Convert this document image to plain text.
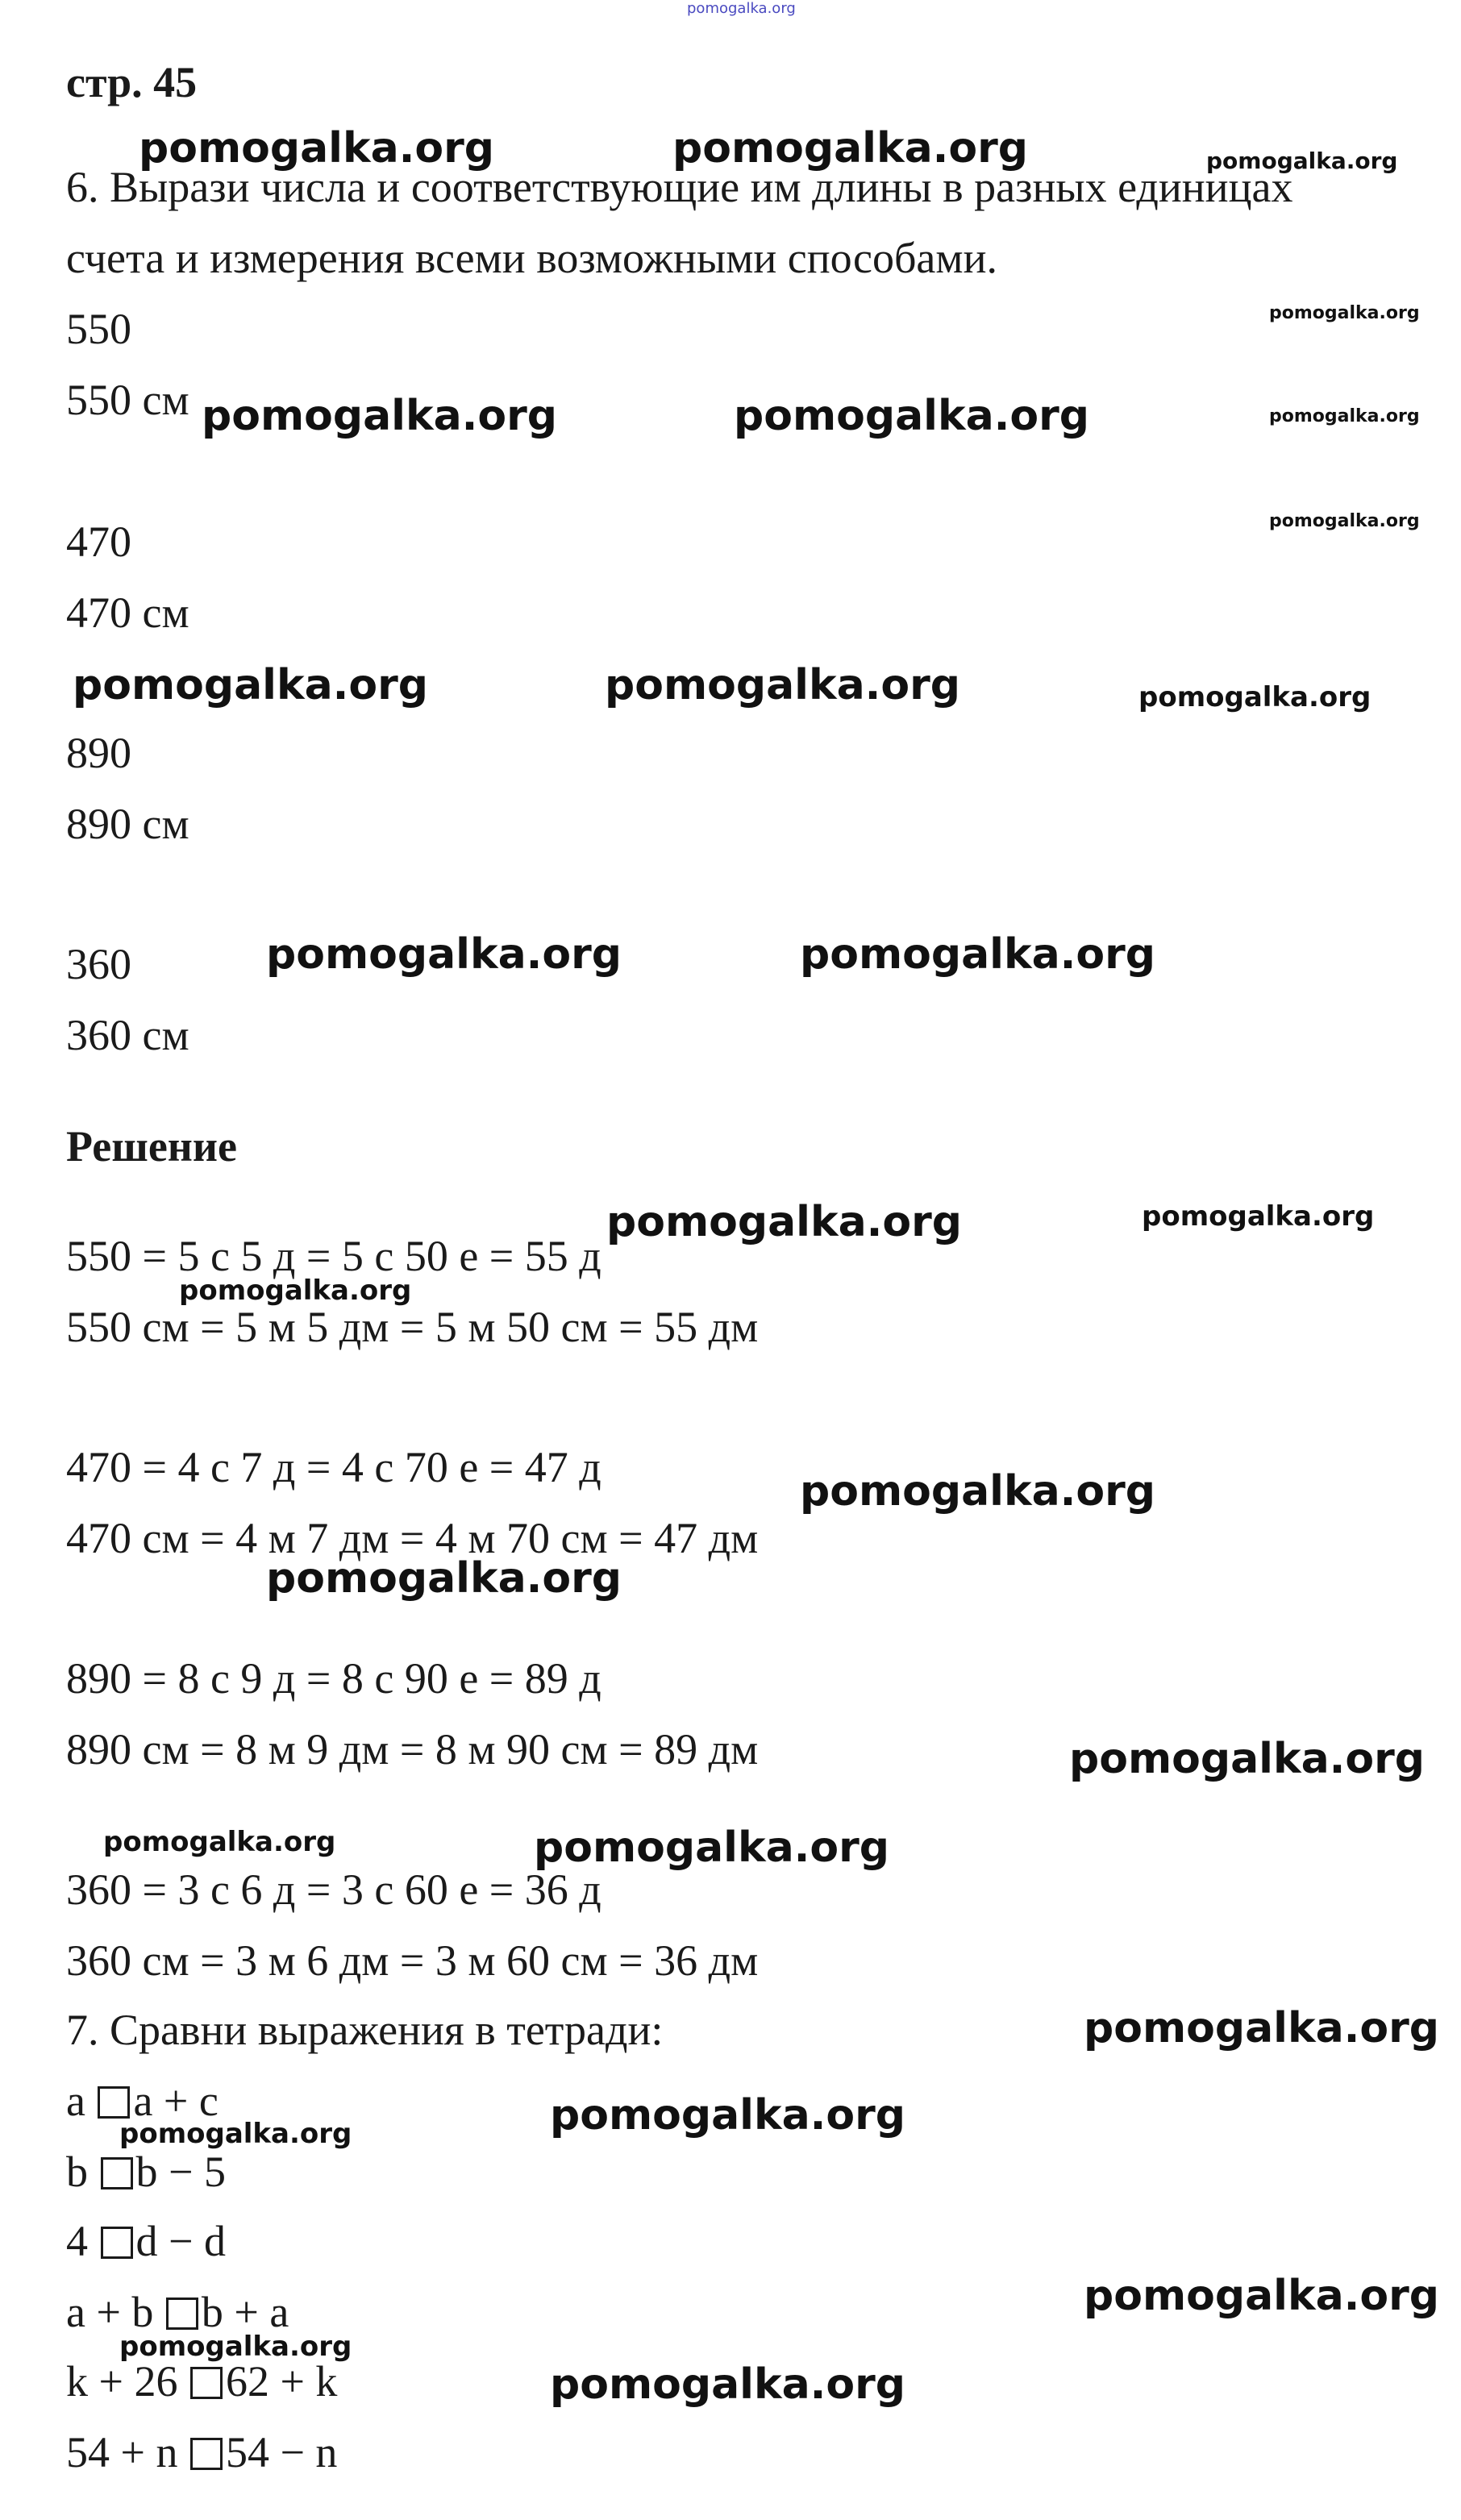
pomogalka.org
стр. 45
6. Вырази числа и соответствующие им длины в разных единицах
счета и измерения всеми возможными способами.
550
550 см
470
470 см
890
890 см
360
360 см
Решение
550 = 5 с 5 д = 5 с 50 е = 55 д
550 см = 5 м 5 дм = 5 м 50 см = 55 дм
470 = 4 с 7 д = 4 с 70 е = 47 д
470 см = 4 м 7 дм = 4 м 70 см = 47 дм
890 = 8 с 9 д = 8 с 90 е = 89 д
890 см = 8 м 9 дм = 8 м 90 см = 89 дм
360 = 3 с 6 д = 3 с 60 е = 36 д
360 см = 3 м 6 дм = 3 м 60 см = 36 дм
7. Сравни выражения в тетради:
a a + c
b b − 5
4 d − d
a + b b + a
k + 26 62 + k
54 + n 54 − n
pomogalka.org	pomogalka.org
pomogalka.org	pomogalka.org
pomogalka.org	pomogalka.org
pomogalka.org	pomogalka.org
pomogalka.org
pomogalka.org
pomogalka.org
pomogalka.org
pomogalka.org
pomogalka.org
pomogalka.org
pomogalka.org
pomogalka.org
pomogalka.org
pomogalka.org
pomogalka.org
pomogalka.org
pomogalka.org
pomogalka.org
pomogalka.org
pomogalka.org
pomogalka.org
pomogalka.org
